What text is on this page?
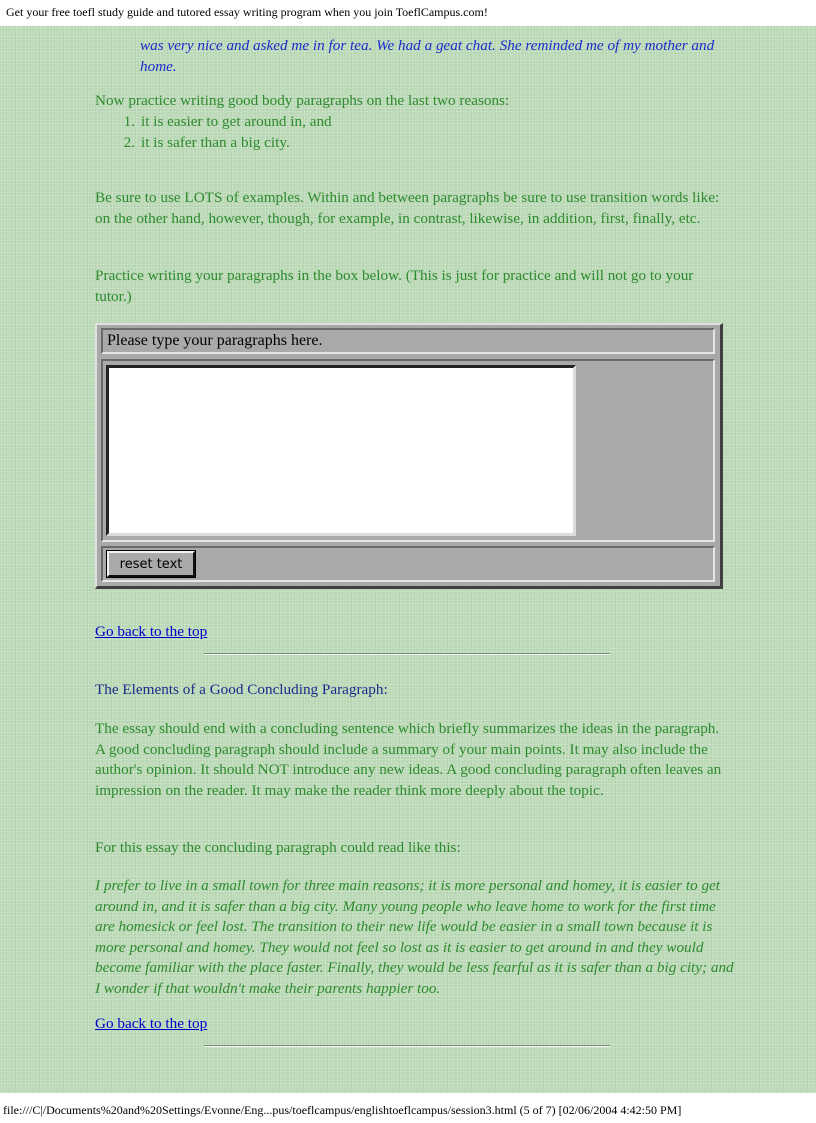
Get your free toefl study guide and tutored essay writing program when you join ToeflCampus.com!
was very nice and asked me in for tea. We had a geat chat. She reminded me of my mother and home.
Now practice writing good body paragraphs on the last two reasons:
1. it is easier to get around in, and
2. it is safer than a big city.
Be sure to use LOTS of examples. Within and between paragraphs be sure to use transition words like: on the other hand, however, though, for example, in contrast, likewise, in addition, first, finally, etc.
Practice writing your paragraphs in the box below. (This is just for practice and will not go to your tutor.)
Please type your paragraphs here.
reset text
Go back to the top
The Elements of a Good Concluding Paragraph:
The essay should end with a concluding sentence which briefly summarizes the ideas in the paragraph. A good concluding paragraph should include a summary of your main points. It may also include the author's opinion. It should NOT introduce any new ideas. A good concluding paragraph often leaves an impression on the reader. It may make the reader think more deeply about the topic.
For this essay the concluding paragraph could read like this:
I prefer to live in a small town for three main reasons; it is more personal and homey, it is easier to get around in, and it is safer than a big city. Many young people who leave home to work for the first time are homesick or feel lost. The transition to their new life would be easier in a small town because it is more personal and homey. They would not feel so lost as it is easier to get around in and they would become familiar with the place faster. Finally, they would be less fearful as it is safer than a big city; and I wonder if that wouldn't make their parents happier too.
Go back to the top
file:///C|/Documents%20and%20Settings/Evonne/Eng...pus/toeflcampus/englishtoeflcampus/session3.html (5 of 7) [02/06/2004 4:42:50 PM]
